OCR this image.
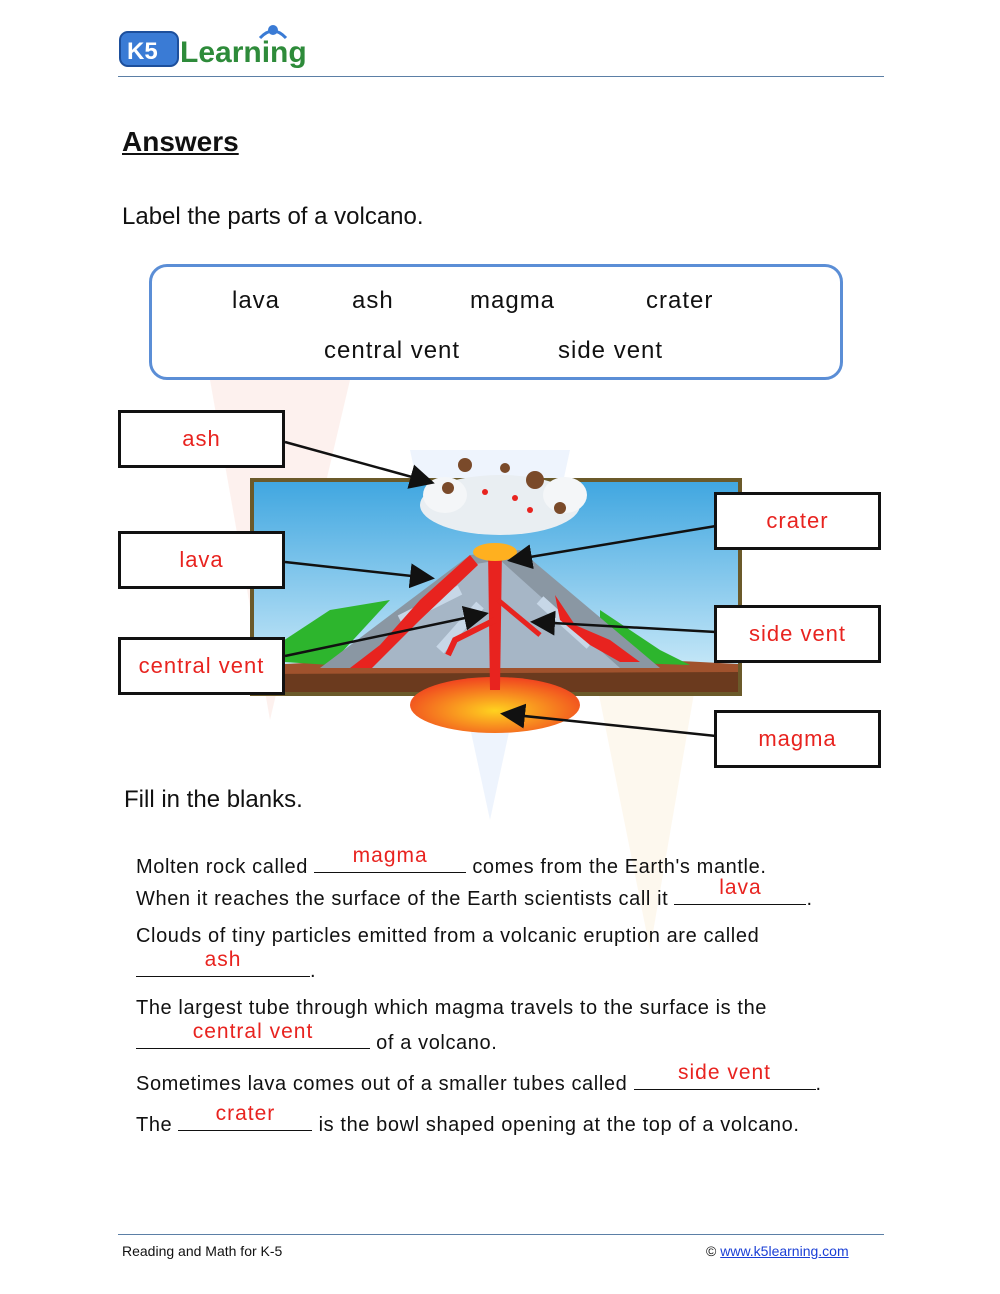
K5 Learning
Answers
Label the parts of a volcano.
lava	ash	magma	crater
central vent	side vent
ash
lava
central vent
crater
side vent
magma
Fill in the blanks.
Molten rock called	magma	comes from the Earth's mantle.
When it reaches the surface of the Earth scientists call it	lava	.
Clouds of tiny particles emitted from a volcanic eruption are called
ash	.
The largest tube through which magma travels to the surface is the
central vent	of a volcano.
Sometimes lava comes out of a smaller tubes called	side vent	.
The	crater	is the bowl shaped opening at the top of a volcano.
Reading and Math for K-5	© www.k5learning.com
